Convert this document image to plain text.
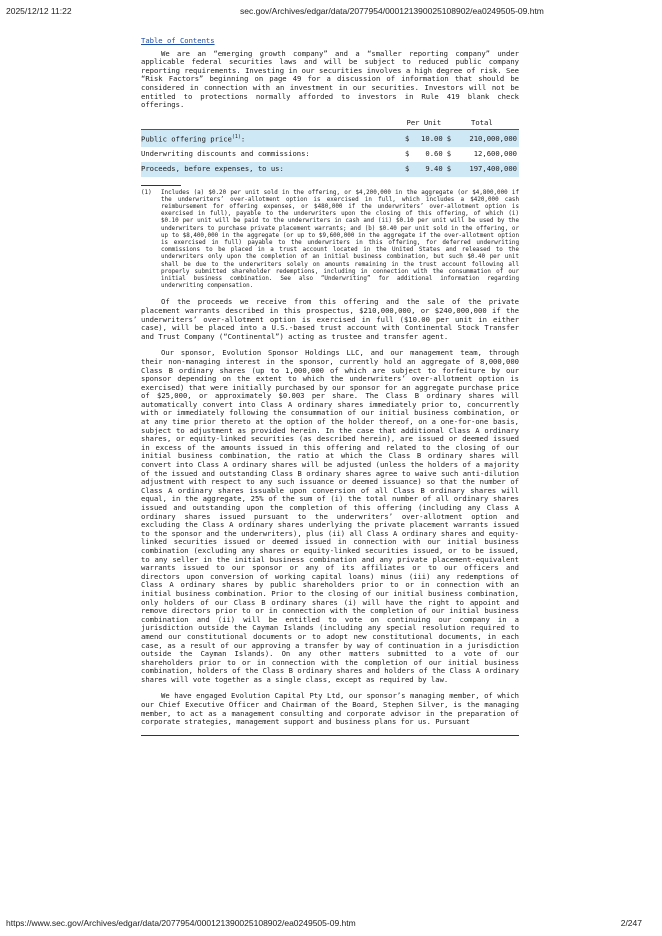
2025/12/12 11:22	sec.gov/Archives/edgar/data/2077954/000121390025108902/ea0249505-09.htm
Table of Contents

We are an “emerging growth company” and a “smaller reporting company” under applicable federal securities laws and will be subject to reduced public company reporting requirements. Investing in our securities involves a high degree of risk. See “Risk Factors” beginning on page 49 for a discussion of information that should be considered in connection with an investment in our securities. Investors will not be entitled to protections normally afforded to investors in Rule 419 blank check offerings.

	Per Unit		Total	
Public offering price$^{(1)}$:	$	10.00	$	210,000,000
Underwriting discounts and commissions:	$	0.60	$	12,600,000
Proceeds, before expenses, to us:	$	9.40	$	197,400,000
(1)	Includes (a) $0.20 per unit sold in the offering, or $4,200,000 in the aggregate (or $4,800,000 if the underwriters’ over-allotment option is exercised in full, which includes a $420,000 cash reimbursement for offering expenses, or $480,000 if the underwriters’ over-allotment option is exercised in full), payable to the underwriters upon the closing of this offering, of which (i) $0.10 per unit will be paid to the underwriters in cash and (ii) $0.10 per unit will be used by the underwriters to purchase private placement warrants; and (b) $0.40 per unit sold in the offering, or up to $8,400,000 in the aggregate (or up to $9,600,000 in the aggregate if the over-allotment option is exercised in full) payable to the underwriters in this offering, for deferred underwriting commissions to be placed in a trust account located in the United States and released to the underwriters only upon the completion of an initial business combination, but such $0.40 per unit shall be due to the underwriters solely on amounts remaining in the trust account following all properly submitted shareholder redemptions, including in connection with the consummation of our initial business combination. See also “Underwriting” for additional information regarding underwriting compensation.

Of the proceeds we receive from this offering and the sale of the private placement warrants described in this prospectus, $210,000,000, or $240,000,000 if the underwriters’ over-allotment option is exercised in full ($10.00 per unit in either case), will be placed into a U.S.-based trust account with Continental Stock Transfer and Trust Company (“Continental”) acting as trustee and transfer agent.

Our sponsor, Evolution Sponsor Holdings LLC, and our management team, through their non-managing interest in the sponsor, currently hold an aggregate of 8,000,000 Class B ordinary shares (up to 1,000,000 of which are subject to forfeiture by our sponsor depending on the extent to which the underwriters’ over-allotment option is exercised) that were initially purchased by our sponsor for an aggregate purchase price of $25,000, or approximately $0.003 per share. The Class B ordinary shares will automatically convert into Class A ordinary shares immediately prior to, concurrently with or immediately following the consummation of our initial business combination, or at any time prior thereto at the option of the holder thereof, on a one-for-one basis, subject to adjustment as provided herein. In the case that additional Class A ordinary shares, or equity-linked securities (as described herein), are issued or deemed issued in excess of the amounts issued in this offering and related to the closing of our initial business combination, the ratio at which the Class B ordinary shares will convert into Class A ordinary shares will be adjusted (unless the holders of a majority of the issued and outstanding Class B ordinary shares agree to waive such anti-dilution adjustment with respect to any such issuance or deemed issuance) so that the number of Class A ordinary shares issuable upon conversion of all Class B ordinary shares will equal, in the aggregate, 25% of the sum of (i) the total number of all ordinary shares issued and outstanding upon the completion of this offering (including any Class A ordinary shares issued pursuant to the underwriters’ over-allotment option and excluding the Class A ordinary shares underlying the private placement warrants issued to the sponsor and the underwriters), plus (ii) all Class A ordinary shares and equity-linked securities issued or deemed issued in connection with our initial business combination (excluding any shares or equity-linked securities issued, or to be issued, to any seller in the initial business combination and any private placement-equivalent warrants issued to our sponsor or any of its affiliates or to our officers and directors upon conversion of working capital loans) minus (iii) any redemptions of Class A ordinary shares by public shareholders prior to or in connection with an initial business combination. Prior to the closing of our initial business combination, only holders of our Class B ordinary shares (i) will have the right to appoint and remove directors prior to or in connection with the completion of our initial business combination and (ii) will be entitled to vote on continuing our company in a jurisdiction outside the Cayman Islands (including any special resolution required to amend our constitutional documents or to adopt new constitutional documents, in each case, as a result of our approving a transfer by way of continuation in a jurisdiction outside the Cayman Islands). On any other matters submitted to a vote of our shareholders prior to or in connection with the completion of our initial business combination, holders of the Class B ordinary shares and holders of the Class A ordinary shares will vote together as a single class, except as required by law.

We have engaged Evolution Capital Pty Ltd, our sponsor’s managing member, of which our Chief Executive Officer and Chairman of the Board, Stephen Silver, is the managing member, to act as a management consulting and corporate advisor in the preparation of corporate strategies, management support and business plans for us. Pursuant

https://www.sec.gov/Archives/edgar/data/2077954/000121390025108902/ea0249505-09.htm	2/247
